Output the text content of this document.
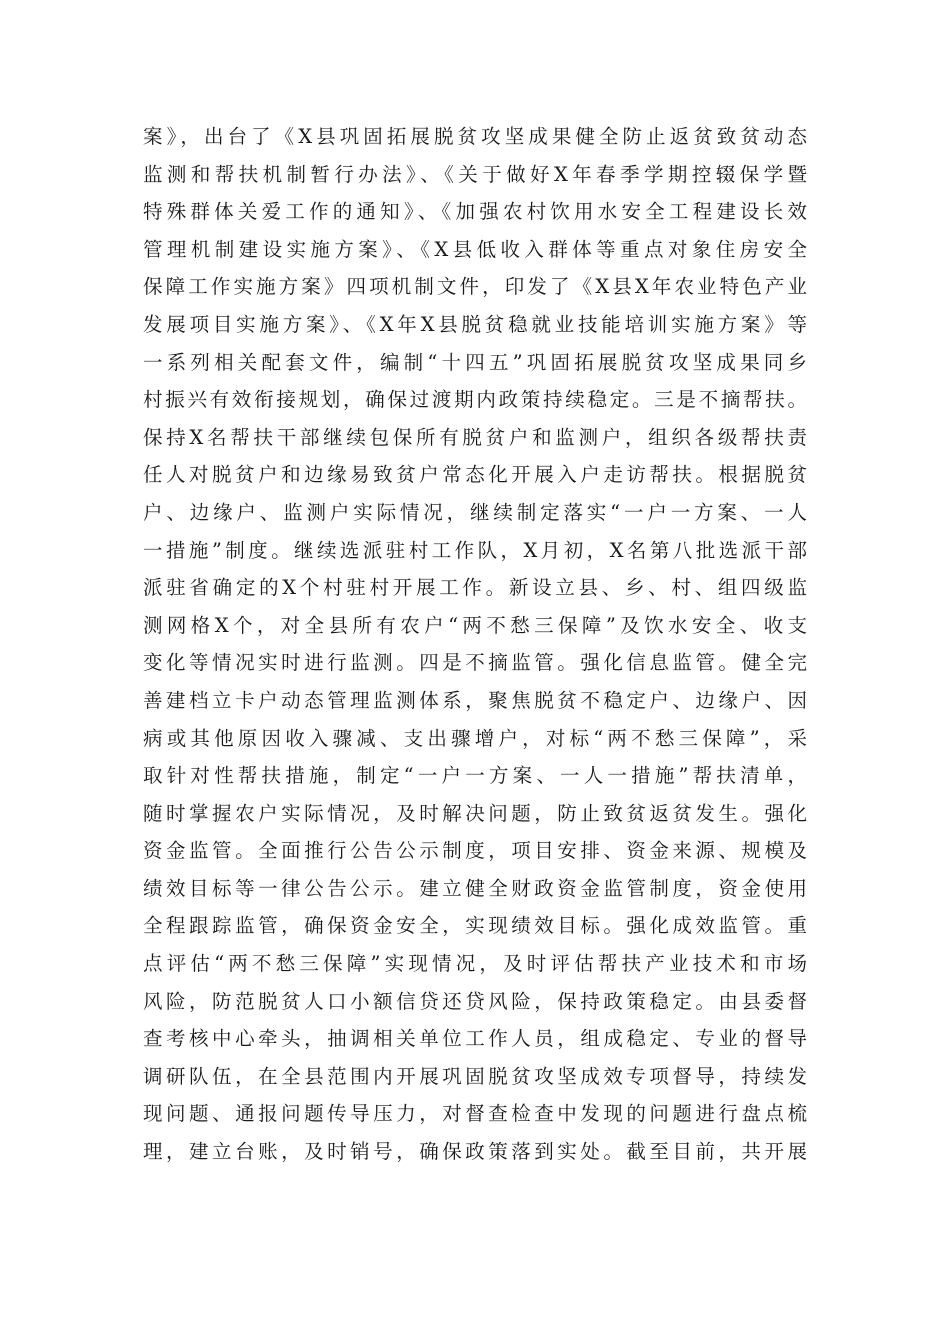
案》，出台了《X县巩固拓展脱贫攻坚成果健全防止返贫致贫动态
监测和帮扶机制暂行办法》、《关于做好X年春季学期控辍保学暨
特殊群体关爱工作的通知》、《加强农村饮用水安全工程建设长效
管理机制建设实施方案》、《X县低收入群体等重点对象住房安全
保障工作实施方案》四项机制文件，印发了《X县X年农业特色产业
发展项目实施方案》、《X年X县脱贫稳就业技能培训实施方案》等
一系列相关配套文件，编制“十四五”巩固拓展脱贫攻坚成果同乡
村振兴有效衔接规划，确保过渡期内政策持续稳定。三是不摘帮扶。
保持X名帮扶干部继续包保所有脱贫户和监测户，组织各级帮扶责
任人对脱贫户和边缘易致贫户常态化开展入户走访帮扶。根据脱贫
户、边缘户、监测户实际情况，继续制定落实“一户一方案、一人
一措施”制度。继续选派驻村工作队，X月初，X名第八批选派干部
派驻省确定的X个村驻村开展工作。新设立县、乡、村、组四级监
测网格X个，对全县所有农户“两不愁三保障”及饮水安全、收支
变化等情况实时进行监测。四是不摘监管。强化信息监管。健全完
善建档立卡户动态管理监测体系，聚焦脱贫不稳定户、边缘户、因
病或其他原因收入骤减、支出骤增户，对标“两不愁三保障”，采
取针对性帮扶措施，制定“一户一方案、一人一措施”帮扶清单，
随时掌握农户实际情况，及时解决问题，防止致贫返贫发生。强化
资金监管。全面推行公告公示制度，项目安排、资金来源、规模及
绩效目标等一律公告公示。建立健全财政资金监管制度，资金使用
全程跟踪监管，确保资金安全，实现绩效目标。强化成效监管。重
点评估“两不愁三保障”实现情况，及时评估帮扶产业技术和市场
风险，防范脱贫人口小额信贷还贷风险，保持政策稳定。由县委督
查考核中心牵头，抽调相关单位工作人员，组成稳定、专业的督导
调研队伍，在全县范围内开展巩固脱贫攻坚成效专项督导，持续发
现问题、通报问题传导压力，对督查检查中发现的问题进行盘点梳
理，建立台账，及时销号，确保政策落到实处。截至目前，共开展
